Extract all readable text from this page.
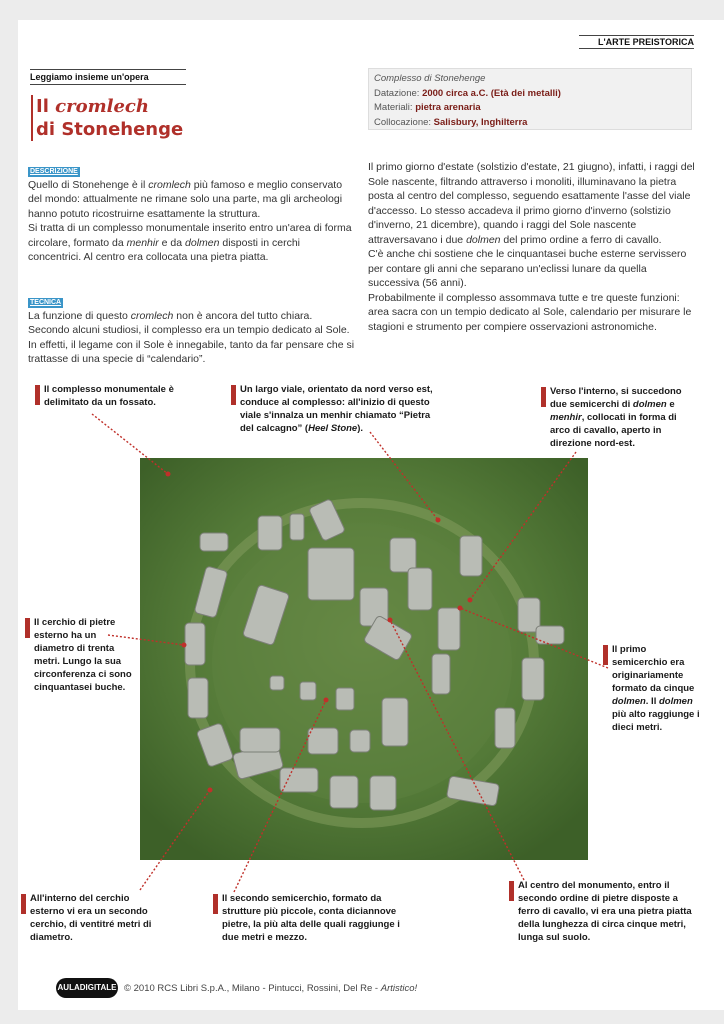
L'ARTE PREISTORICA
Leggiamo insieme un'opera
Il cromlech
di Stonehenge
Complesso di Stonehenge
Datazione: 2000 circa a.C. (Età dei metalli)
Materiali: pietra arenaria
Collocazione: Salisbury, Inghilterra
DESCRIZIONE

Quello di Stonehenge è il cromlech più famoso e meglio conservato del mondo: attualmente ne rimane solo una parte, ma gli archeologi hanno potuto ricostruirne esattamente la struttura.

Si tratta di un complesso monumentale inserito entro un'area di forma circolare, formato da menhir e da dolmen disposti in cerchi concentrici. Al centro era collocata una pietra piatta.

TECNICA

La funzione di questo cromlech non è ancora del tutto chiara. Secondo alcuni studiosi, il complesso era un tempio dedicato al Sole. In effetti, il legame con il Sole è innegabile, tanto da far pensare che si trattasse di una specie di “calendario”.

Il primo giorno d'estate (solstizio d'estate, 21 giugno), infatti, i raggi del Sole nascente, filtrando attraverso i monoliti, illuminavano la pietra posta al centro del complesso, seguendo esattamente l'asse del viale d'accesso. Lo stesso accadeva il primo giorno d'inverno (solstizio d'inverno, 21 dicembre), quando i raggi del Sole nascente attraversavano i due dolmen del primo ordine a ferro di cavallo.

C'è anche chi sostiene che le cinquantasei buche esterne servissero per contare gli anni che separano un'eclissi lunare da quella successiva (56 anni).

Probabilmente il complesso assommava tutte e tre queste funzioni: area sacra con un tempio dedicato al Sole, calendario per misurare le stagioni e strumento per compiere osservazioni astronomiche.

Il complesso monumentale è delimitato da un fossato.
Un largo viale, orientato da nord verso est, conduce al complesso: all'inizio di questo viale s'innalza un menhir chiamato “Pietra del calcagno” (Heel Stone).
Verso l'interno, si succedono due semicerchi di dolmen e menhir, collocati in forma di arco di cavallo, aperto in direzione nord-est.
Il cerchio di pietre esterno ha un diametro di trenta metri. Lungo la sua circonferenza ci sono cinquantasei buche.
Il primo semicerchio era originariamente formato da cinque dolmen. Il dolmen più alto raggiunge i dieci metri.
All'interno del cerchio esterno vi era un secondo cerchio, di ventitré metri di diametro.
Il secondo semicerchio, formato da strutture più piccole, conta diciannove pietre, la più alta delle quali raggiunge i due metri e mezzo.
Al centro del monumento, entro il secondo ordine di pietre disposte a ferro di cavallo, vi era una pietra piatta della lunghezza di circa cinque metri, lunga sul suolo.
AULADIGITALE © 2010 RCS Libri S.p.A., Milano - Pintucci, Rossini, Del Re - Artistico!
